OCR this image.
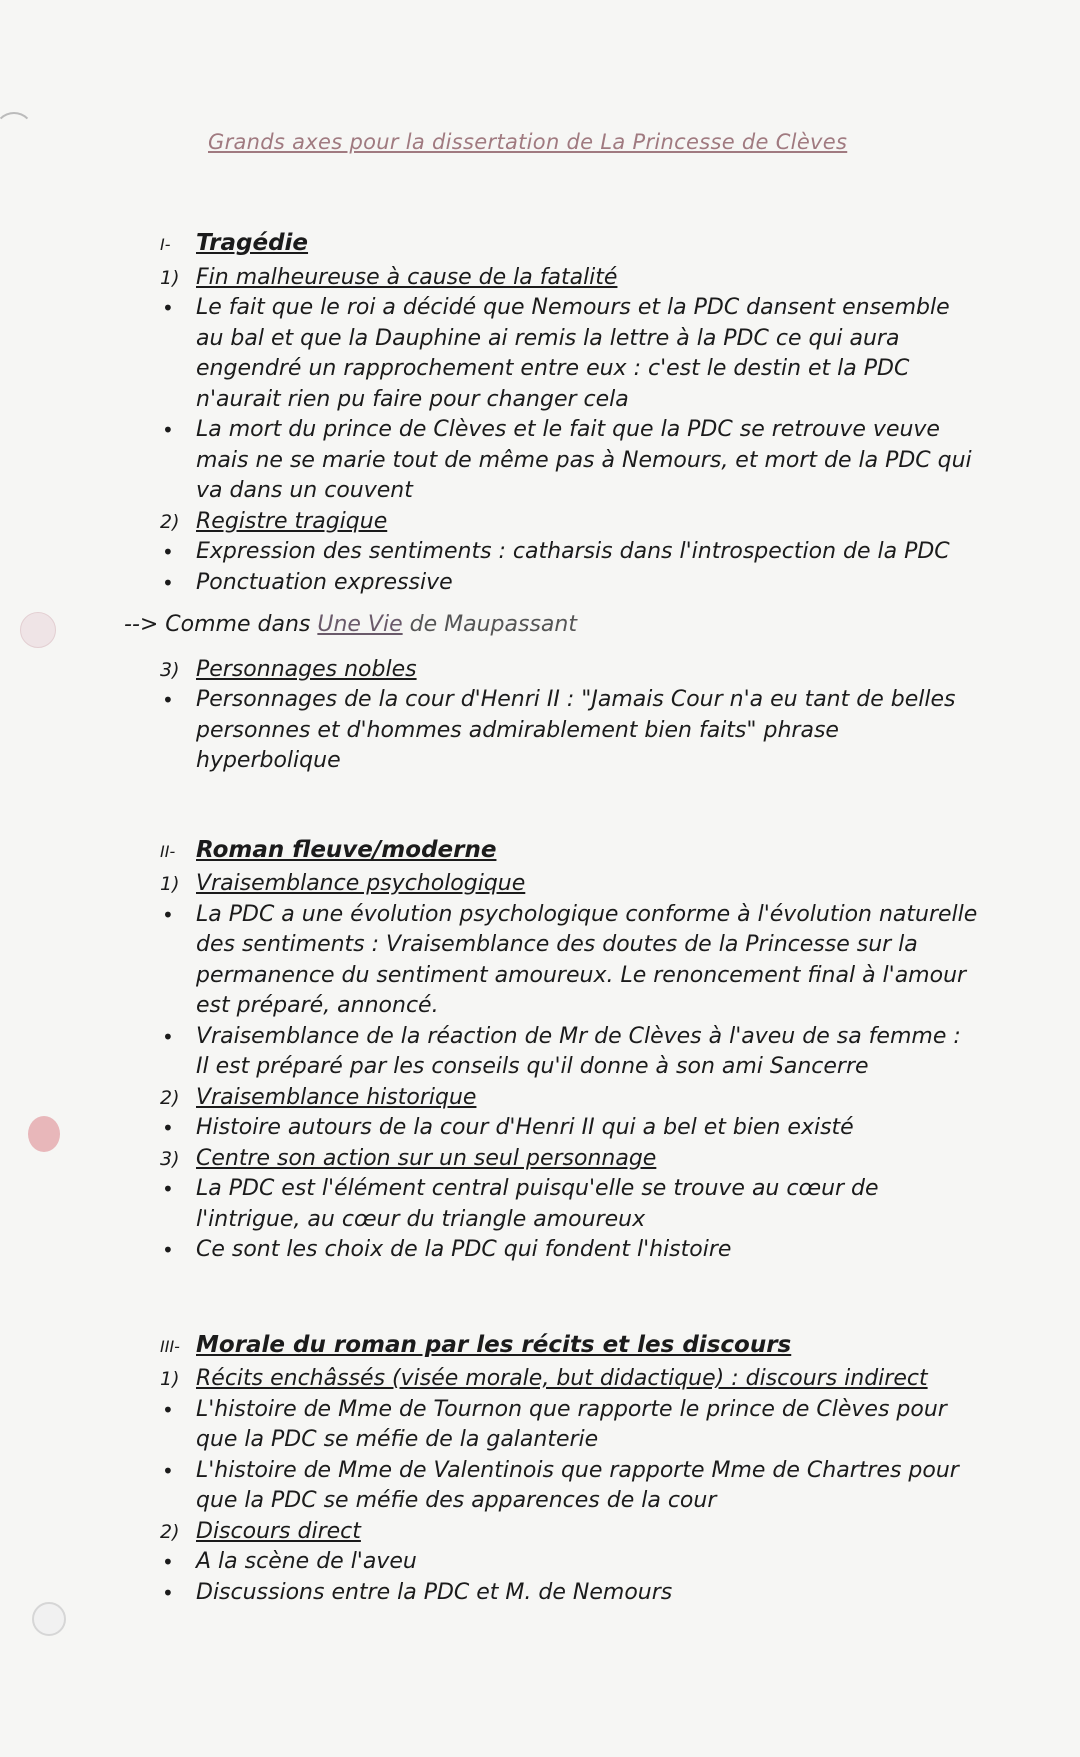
Grands axes pour la dissertation de La Princesse de Clèves
I-	Tragédie
1) Fin malheureuse à cause de la fatalité
• Le fait que le roi a décidé que Nemours et la PDC dansent ensemble au bal et que la Dauphine ai remis la lettre à la PDC ce qui aura engendré un rapprochement entre eux : c'est le destin et la PDC n'aurait rien pu faire pour changer cela
• La mort du prince de Clèves et le fait que la PDC se retrouve veuve mais ne se marie tout de même pas à Nemours, et mort de la PDC qui va dans un couvent
2) Registre tragique
• Expression des sentiments : catharsis dans l'introspection de la PDC
• Ponctuation expressive
--> Comme dans Une Vie de Maupassant
3) Personnages nobles
• Personnages de la cour d'Henri II : "Jamais Cour n'a eu tant de belles personnes et d'hommes admirablement bien faits" phrase hyperbolique
II- Roman fleuve/moderne
1) Vraisemblance psychologique
• La PDC a une évolution psychologique conforme à l'évolution naturelle des sentiments : Vraisemblance des doutes de la Princesse sur la permanence du sentiment amoureux. Le renoncement final à l'amour est préparé, annoncé.
• Vraisemblance de la réaction de Mr de Clèves à l'aveu de sa femme : Il est préparé par les conseils qu'il donne à son ami Sancerre
2) Vraisemblance historique
• Histoire autours de la cour d'Henri II qui a bel et bien existé
3) Centre son action sur un seul personnage
• La PDC est l'élément central puisqu'elle se trouve au cœur de l'intrigue, au cœur du triangle amoureux
• Ce sont les choix de la PDC qui fondent l'histoire
III- Morale du roman par les récits et les discours
1) Récits enchâssés (visée morale, but didactique) : discours indirect
• L'histoire de Mme de Tournon que rapporte le prince de Clèves pour que la PDC se méfie de la galanterie
• L'histoire de Mme de Valentinois que rapporte Mme de Chartres pour que la PDC se méfie des apparences de la cour
2) Discours direct
• A la scène de l'aveu
• Discussions entre la PDC et M. de Nemours
